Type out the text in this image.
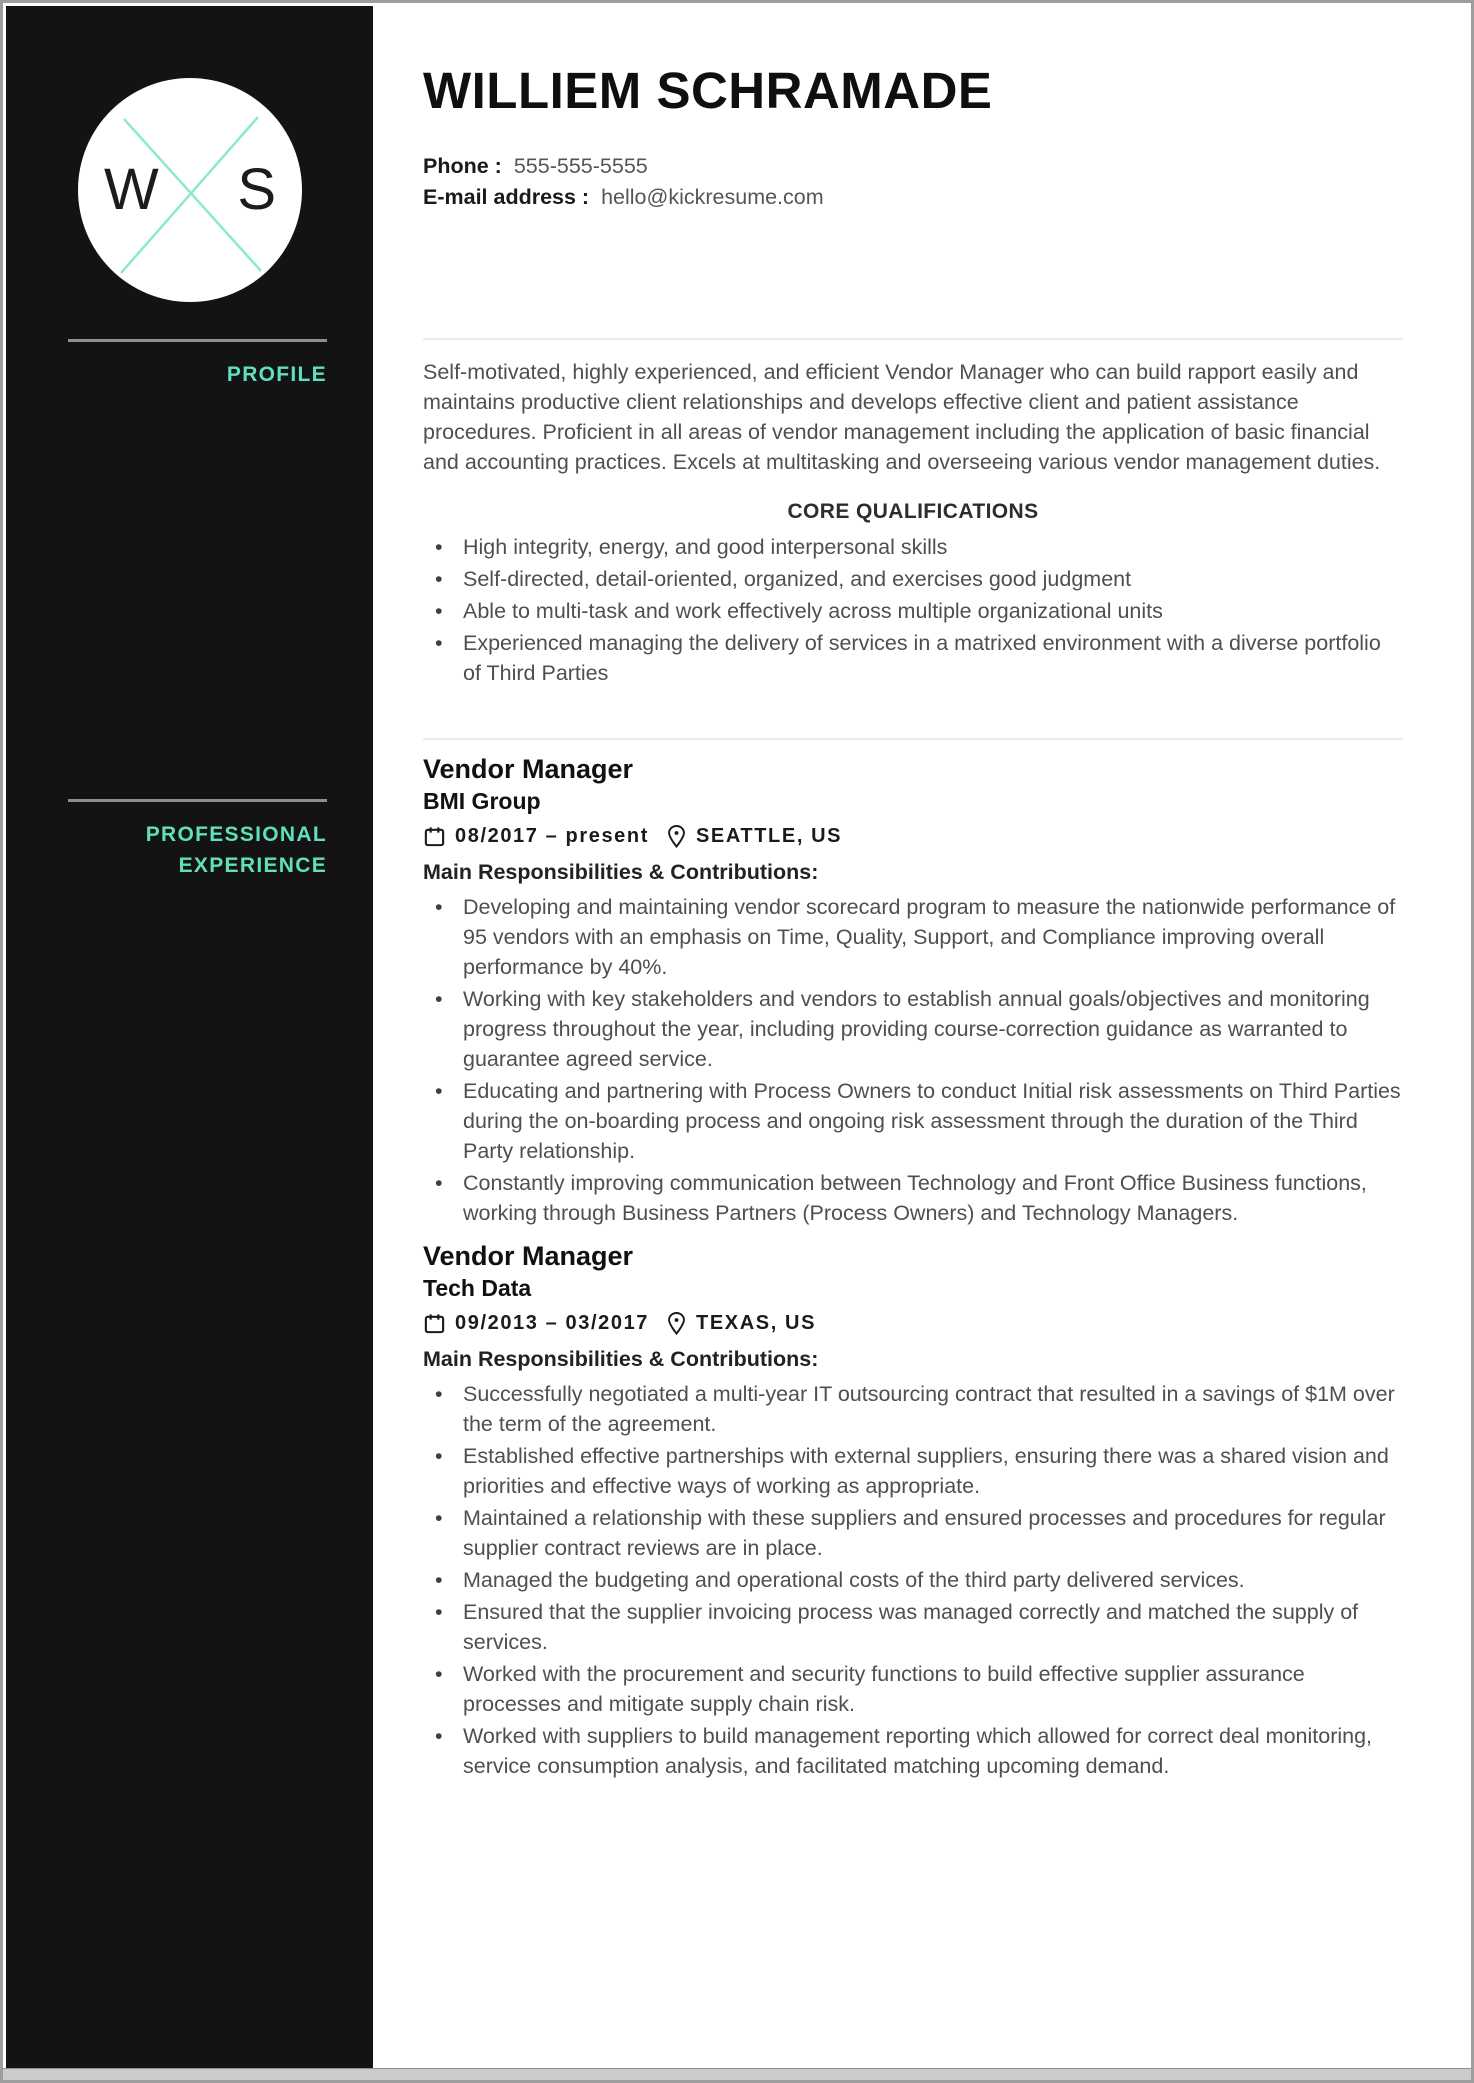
W S
PROFILE
PROFESSIONAL EXPERIENCE
WILLIEM SCHRAMADE
Phone : 555-555-5555
E-mail address : hello@kickresume.com

Self-motivated, highly experienced, and efficient Vendor Manager who can build rapport easily and maintains productive client relationships and develops effective client and patient assistance procedures. Proficient in all areas of vendor management including the application of basic financial and accounting practices. Excels at multitasking and overseeing various vendor management duties.

CORE QUALIFICATIONS
• High integrity, energy, and good interpersonal skills
• Self-directed, detail-oriented, organized, and exercises good judgment
• Able to multi-task and work effectively across multiple organizational units
• Experienced managing the delivery of services in a matrixed environment with a diverse portfolio of Third Parties
Vendor Manager
BMI Group
08/2017 – present SEATTLE, US
Main Responsibilities & Contributions:
• Developing and maintaining vendor scorecard program to measure the nationwide performance of 95 vendors with an emphasis on Time, Quality, Support, and Compliance improving overall performance by 40%.
• Working with key stakeholders and vendors to establish annual goals/objectives and monitoring progress throughout the year, including providing course-correction guidance as warranted to guarantee agreed service.
• Educating and partnering with Process Owners to conduct Initial risk assessments on Third Parties during the on-boarding process and ongoing risk assessment through the duration of the Third Party relationship.
• Constantly improving communication between Technology and Front Office Business functions, working through Business Partners (Process Owners) and Technology Managers.
Vendor Manager
Tech Data
09/2013 – 03/2017 TEXAS, US
Main Responsibilities & Contributions:
• Successfully negotiated a multi-year IT outsourcing contract that resulted in a savings of $1M over the term of the agreement.
• Established effective partnerships with external suppliers, ensuring there was a shared vision and priorities and effective ways of working as appropriate.
• Maintained a relationship with these suppliers and ensured processes and procedures for regular supplier contract reviews are in place.
• Managed the budgeting and operational costs of the third party delivered services.
• Ensured that the supplier invoicing process was managed correctly and matched the supply of services.
• Worked with the procurement and security functions to build effective supplier assurance processes and mitigate supply chain risk.
• Worked with suppliers to build management reporting which allowed for correct deal monitoring, service consumption analysis, and facilitated matching upcoming demand.
